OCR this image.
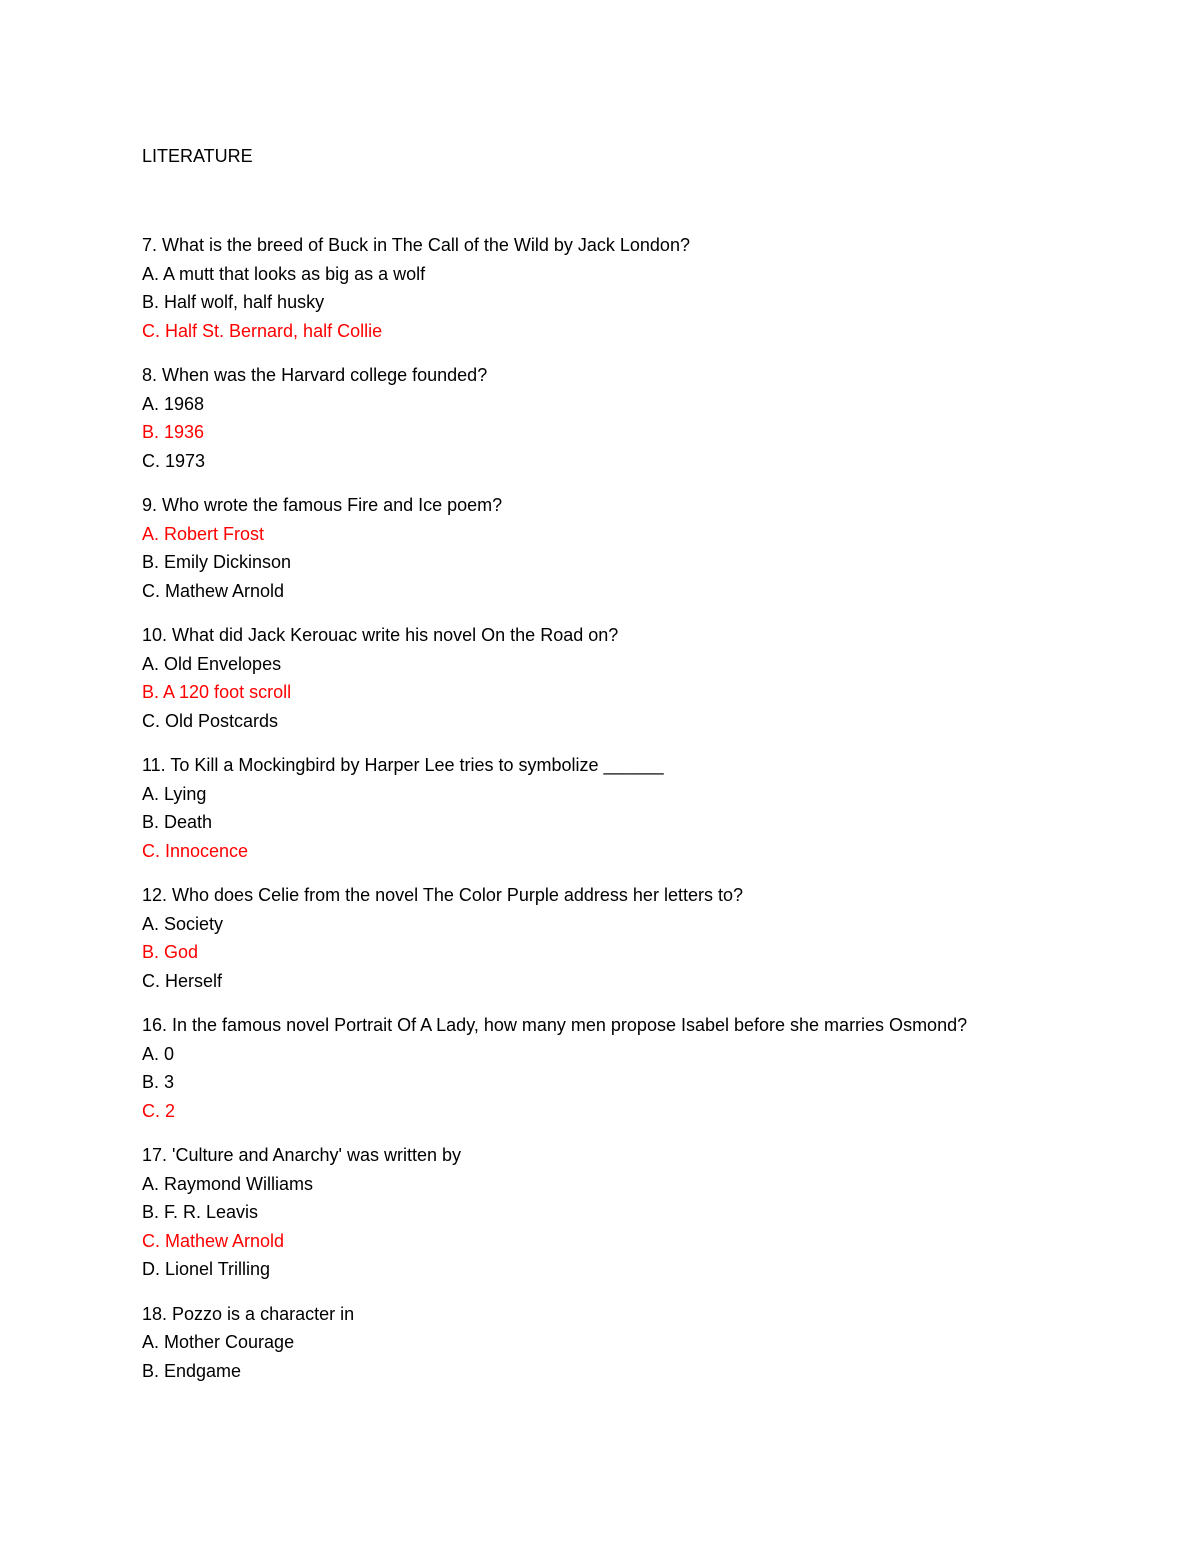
LITERATURE
7. What is the breed of Buck in The Call of the Wild by Jack London?
A. A mutt that looks as big as a wolf
B. Half wolf, half husky
C. Half St. Bernard, half Collie
8. When was the Harvard college founded?
A. 1968
B. 1936
C. 1973
9. Who wrote the famous Fire and Ice poem?
A. Robert Frost
B. Emily Dickinson
C. Mathew Arnold
10. What did Jack Kerouac write his novel On the Road on?
A. Old Envelopes
B. A 120 foot scroll
C. Old Postcards
11. To Kill a Mockingbird by Harper Lee tries to symbolize ______
A. Lying
B. Death
C. Innocence
12. Who does Celie from the novel The Color Purple address her letters to?
A. Society
B. God
C. Herself
16. In the famous novel Portrait Of A Lady, how many men propose Isabel before she marries Osmond?
A. 0
B. 3
C. 2
17. 'Culture and Anarchy' was written by
A. Raymond Williams
B. F. R. Leavis
C. Mathew Arnold
D. Lionel Trilling
18. Pozzo is a character in
A. Mother Courage
B. Endgame
